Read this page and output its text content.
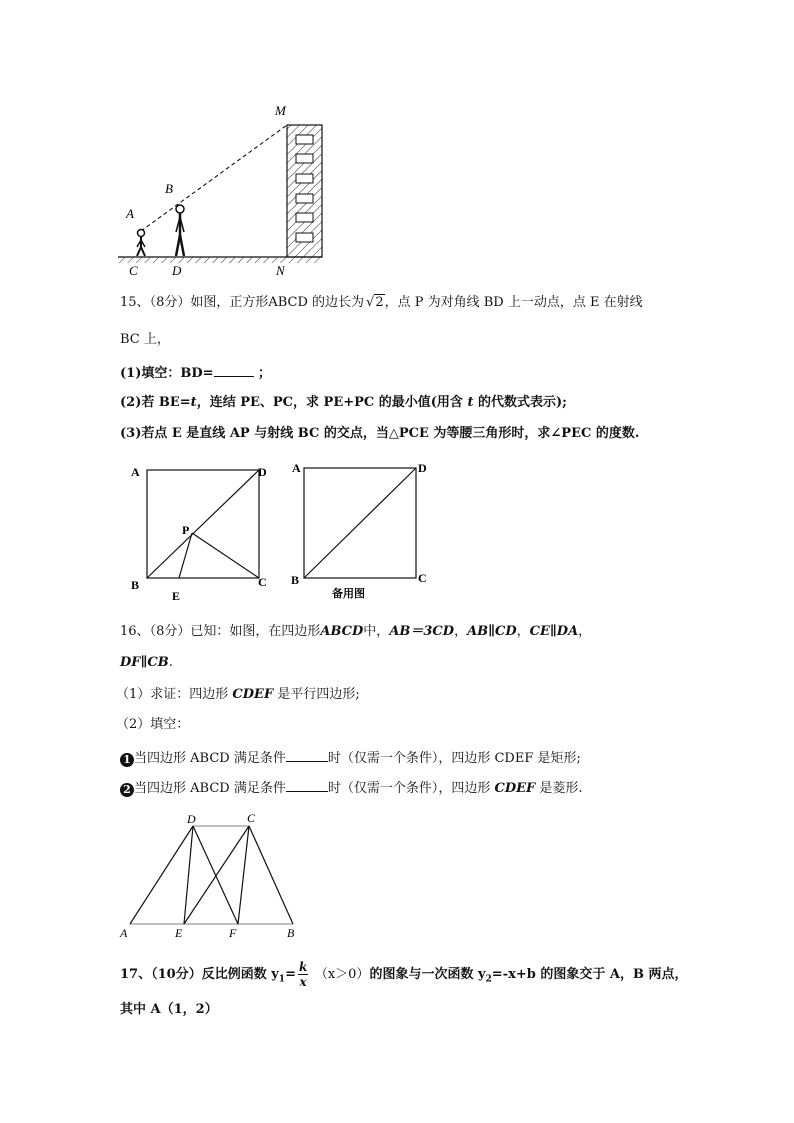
M
B
A
C	D	N
15、（8分）如图，正方形ABCD 的边长为 √2，点 P 为对角线 BD 上一动点，点 E 在射线
BC 上，
(1)填空：BD=	；
(2)若 BE=t，连结 PE、PC，求 PE+PC 的最小值(用含 t 的代数式表示);
(3)若点 E 是直线 AP 与射线 BC 的交点，当△PCE 为等腰三角形时，求∠PEC 的度数.
A	D
P
B	C
E
A	D
B	C
备用图
16、（8分）已知：如图，在四边形ABCD中，AB＝3CD，AB∥CD，CE∥DA，
DF∥CB.
（1）求证：四边形 CDEF 是平行四边形;
（2）填空：
1 当四边形 ABCD 满足条件	时（仅需一个条件），四边形 CDEF 是矩形;
2 当四边形 ABCD 满足条件	时（仅需一个条件），四边形 CDEF 是菱形.
D	C
A	E	F	B
17、（10分）反比例函数 $y_1= \frac{k}{x} (x>0)$的图象与一次函数 $y_2=-x+b$ 的图象交于 A，B 两点，
其中 A（1，2）
